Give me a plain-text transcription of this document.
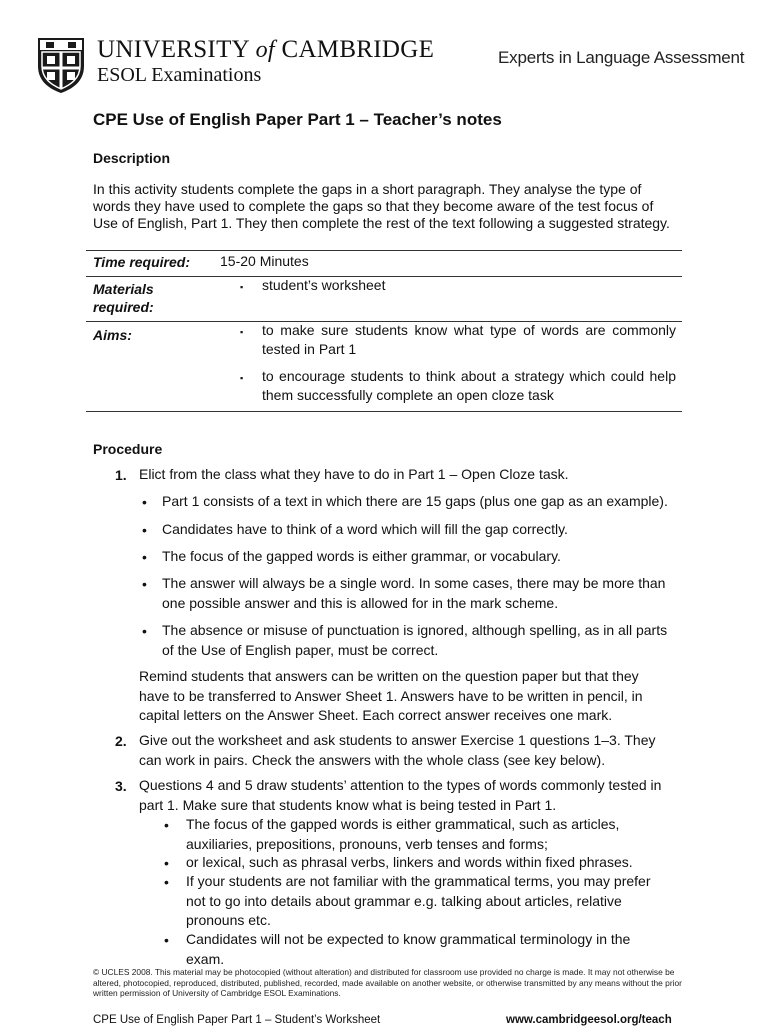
UNIVERSITY of CAMBRIDGE
ESOL Examinations
Experts in Language Assessment
CPE Use of English Paper Part 1 – Teacher’s notes
Description
In this activity students complete the gaps in a short paragraph. They analyse the type of words they have used to complete the gaps so that they become aware of the test focus of Use of English, Part 1. They then complete the rest of the text following a suggested strategy.
Time required: 15-20 Minutes
Materials
required:
▪ student’s worksheet
Aims:	▪ to make sure students know what type of words are commonly tested in Part 1
▪ to encourage students to think about a strategy which could help them successfully complete an open cloze task
Procedure
1. Elict from the class what they have to do in Part 1 – Open Cloze task.
• Part 1 consists of a text in which there are 15 gaps (plus one gap as an example).
• Candidates have to think of a word which will fill the gap correctly.
• The focus of the gapped words is either grammar, or vocabulary.
• The answer will always be a single word. In some cases, there may be more than one possible answer and this is allowed for in the mark scheme.
• The absence or misuse of punctuation is ignored, although spelling, as in all parts of the Use of English paper, must be correct.
Remind students that answers can be written on the question paper but that they have to be transferred to Answer Sheet 1. Answers have to be written in pencil, in capital letters on the Answer Sheet. Each correct answer receives one mark.
2. Give out the worksheet and ask students to answer Exercise 1 questions 1–3. They can work in pairs. Check the answers with the whole class (see key below).
3. Questions 4 and 5 draw students’ attention to the types of words commonly tested in part 1. Make sure that students know what is being tested in Part 1.
• The focus of the gapped words is either grammatical, such as articles, auxiliaries, prepositions, pronouns, verb tenses and forms;
• or lexical, such as phrasal verbs, linkers and words within fixed phrases.
• If your students are not familiar with the grammatical terms, you may prefer not to go into details about grammar e.g. talking about articles, relative pronouns etc.
• Candidates will not be expected to know grammatical terminology in the exam.
© UCLES 2008. This material may be photocopied (without alteration) and distributed for classroom use provided no charge is made. It may not otherwise be altered, photocopied, reproduced, distributed, published, recorded, made available on another website, or otherwise transmitted by any means without the prior written permission of University of Cambridge ESOL Examinations.
CPE Use of English Paper Part 1 – Student’s Worksheet	www.cambridgeesol.org/teach
